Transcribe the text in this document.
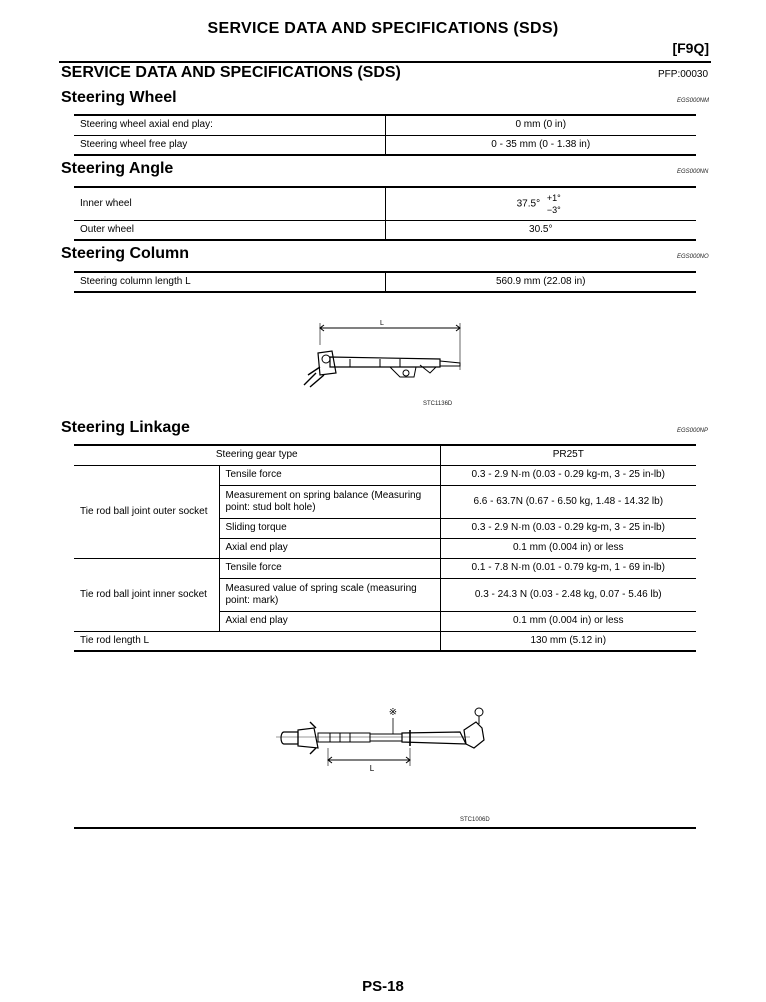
SERVICE DATA AND SPECIFICATIONS (SDS)
[F9Q]
SERVICE DATA AND SPECIFICATIONS (SDS)	PFP:00030
Steering Wheel	EGS000NM
Steering wheel axial end play:	0 mm (0 in)
Steering wheel free play	0 - 35 mm (0 - 1.38 in)
Steering Angle	EGS000NN
Inner wheel	37.5°
+1°
−3°

Outer wheel	30.5°
Steering Column	EGS000NO
Steering column length L	560.9 mm (22.08 in)
L
STC1136D
Steering Linkage	EGS000NP
Steering gear type		PR25T
Tie rod ball joint outer socket	Tensile force	0.3 - 2.9 N·m (0.03 - 0.29 kg-m, 3 - 25 in-lb)
	Measurement on spring balance (Measuring point: stud bolt hole)	6.6 - 63.7N (0.67 - 6.50 kg, 1.48 - 14.32 lb)
	Sliding torque	0.3 - 2.9 N·m (0.03 - 0.29 kg-m, 3 - 25 in-lb)
	Axial end play	0.1 mm (0.004 in) or less
Tie rod ball joint inner socket	Tensile force	0.1 - 7.8 N·m (0.01 - 0.79 kg-m, 1 - 69 in-lb)
	Measured value of spring scale (measuring point: mark)	0.3 - 24.3 N (0.03 - 2.48 kg, 0.07 - 5.46 lb)
	Axial end play	0.1 mm (0.004 in) or less
Tie rod length L		130 mm (5.12 in)
※
L
STC1006D
PS-18
